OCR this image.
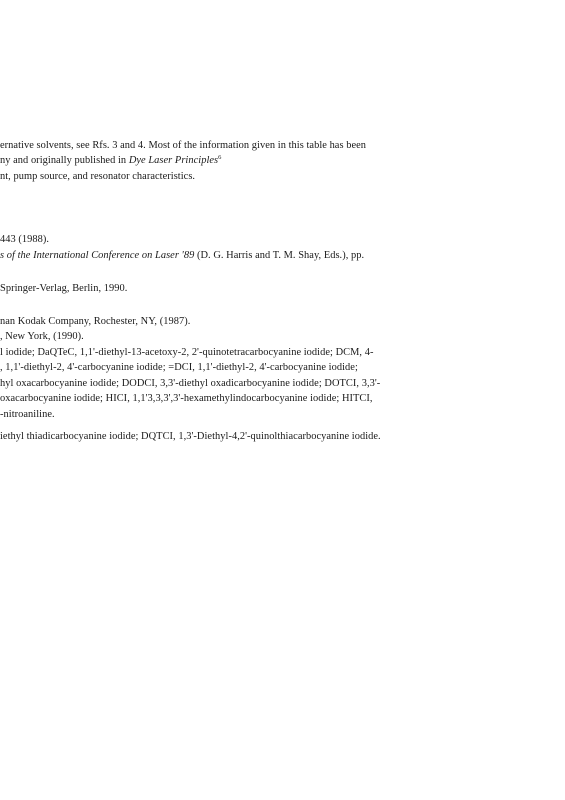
ernative solvents, see Rfs. 3 and 4. Most of the information given in this table has been
ny and originally published in Dye Laser Principles$^6$
nt, pump source, and resonator characteristics.
443 (1988).
s of the International Conference on Laser '89 (D. G. Harris and T. M. Shay, Eds.), pp.
Springer-Verlag, Berlin, 1990.
nan Kodak Company, Rochester, NY, (1987).
, New York, (1990).
l iodide; DaQTeC, 1,1'-diethyl-13-acetoxy-2, 2'-quinotetracarbocyanine iodide; DCM, 4-
, 1,1'-diethyl-2, 4'-carbocyanine iodide; =DCI, 1,1'-diethyl-2, 4'-carbocyanine iodide;
hyl oxacarbocyanine iodide; DODCI, 3,3'-diethyl oxadicarbocyanine iodide; DOTCI, 3,3'-
oxacarbocyanine iodide; HICI, 1,1'3,3,3',3'-hexamethylindocarbocyanine iodide; HITCI,
-nitroaniline.
iethyl thiadicarbocyanine iodide; DQTCI, 1,3'-Diethyl-4,2'-quinolthiacarbocyanine iodide.
